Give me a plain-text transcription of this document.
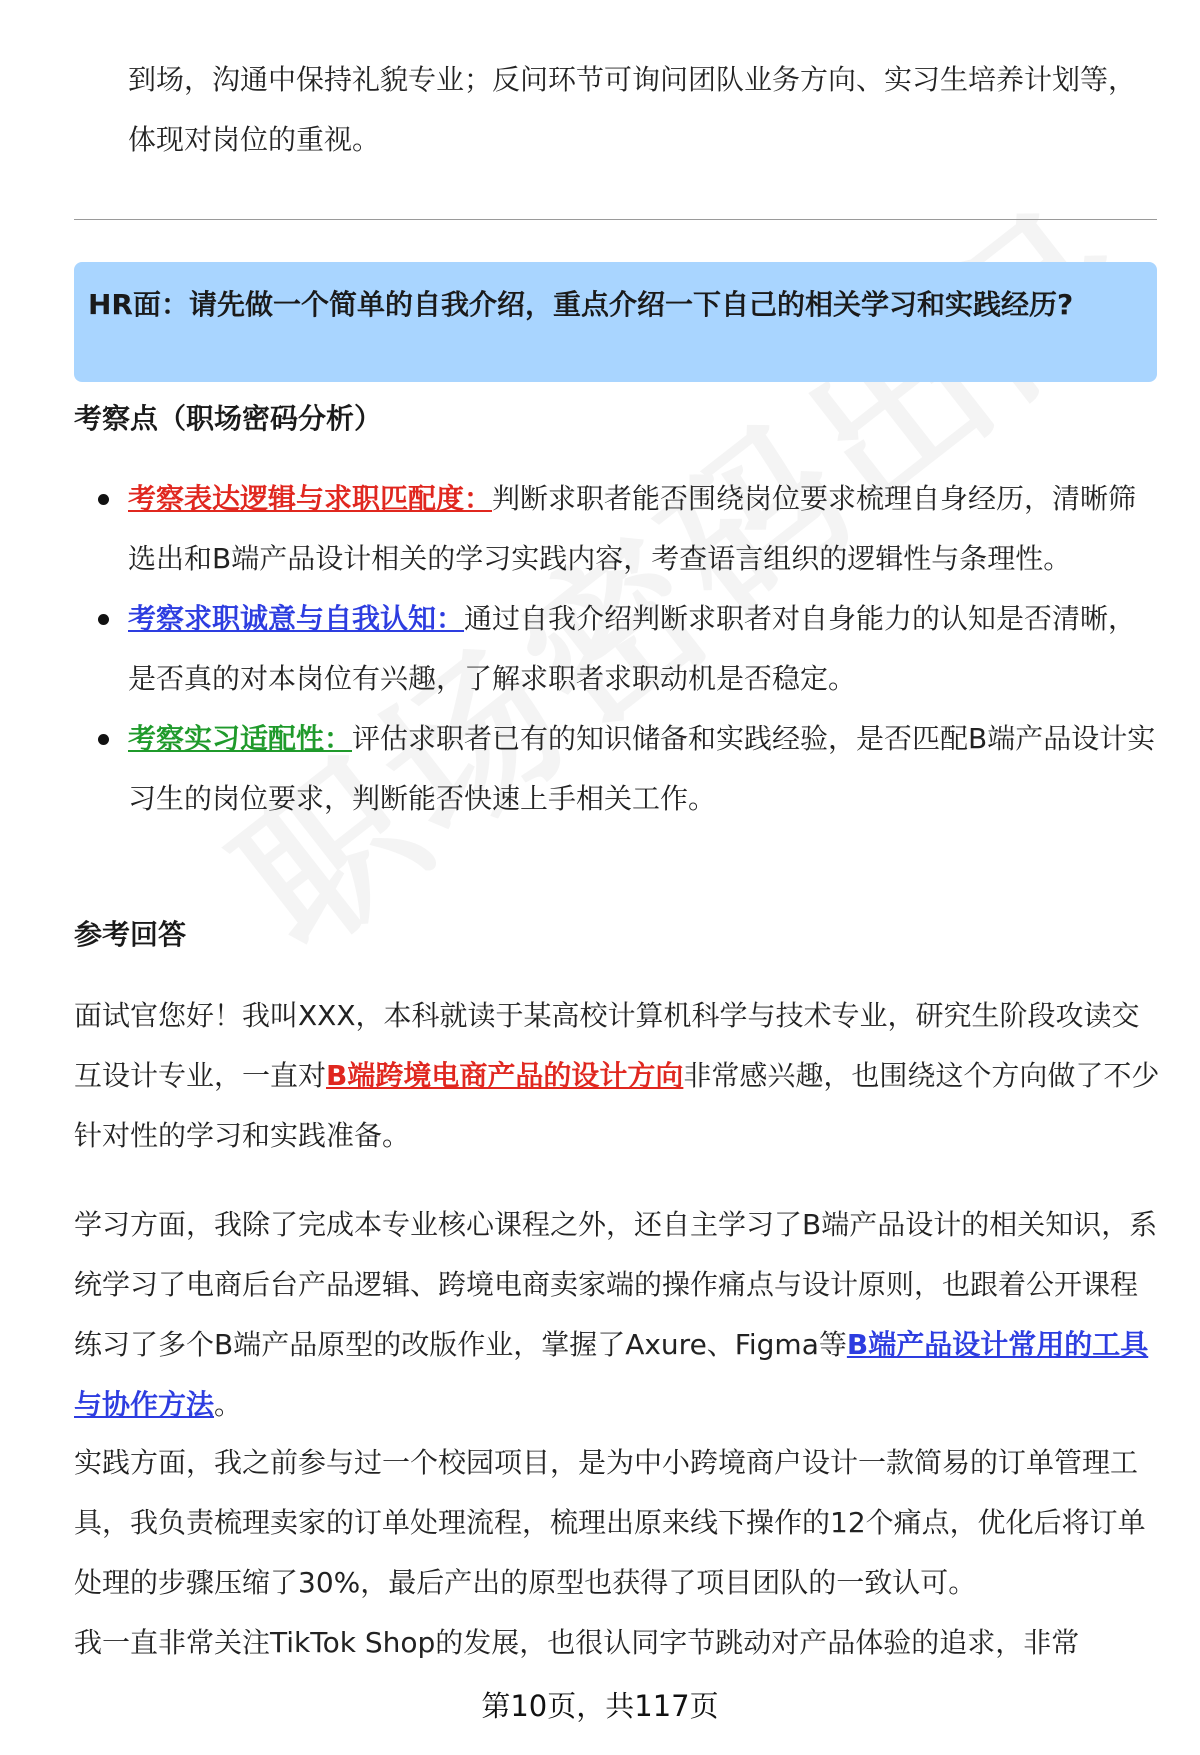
到场，沟通中保持礼貌专业；反问环节可询问团队业务方向、实习生培养计划等，体现对岗位的重视。
HR面：请先做一个简单的自我介绍，重点介绍一下自己的相关学习和实践经历?
考察点（职场密码分析）
考察表达逻辑与求职匹配度：判断求职者能否围绕岗位要求梳理自身经历，清晰筛选出和B端产品设计相关的学习实践内容，考查语言组织的逻辑性与条理性。
考察求职诚意与自我认知：通过自我介绍判断求职者对自身能力的认知是否清晰，是否真的对本岗位有兴趣，了解求职者求职动机是否稳定。
考察实习适配性：评估求职者已有的知识储备和实践经验，是否匹配B端产品设计实习生的岗位要求，判断能否快速上手相关工作。
参考回答
面试官您好！我叫XXX，本科就读于某高校计算机科学与技术专业，研究生阶段攻读交互设计专业，一直对B端跨境电商产品的设计方向非常感兴趣，也围绕这个方向做了不少针对性的学习和实践准备。
学习方面，我除了完成本专业核心课程之外，还自主学习了B端产品设计的相关知识，系统学习了电商后台产品逻辑、跨境电商卖家端的操作痛点与设计原则，也跟着公开课程练习了多个B端产品原型的改版作业，掌握了Axure、Figma等B端产品设计常用的工具与协作方法。
实践方面，我之前参与过一个校园项目，是为中小跨境商户设计一款简易的订单管理工具，我负责梳理卖家的订单处理流程，梳理出原来线下操作的12个痛点，优化后将订单处理的步骤压缩了30%，最后产出的原型也获得了项目团队的一致认可。
我一直非常关注TikTok Shop的发展，也很认同字节跳动对产品体验的追求，非常
第10页，共117页
